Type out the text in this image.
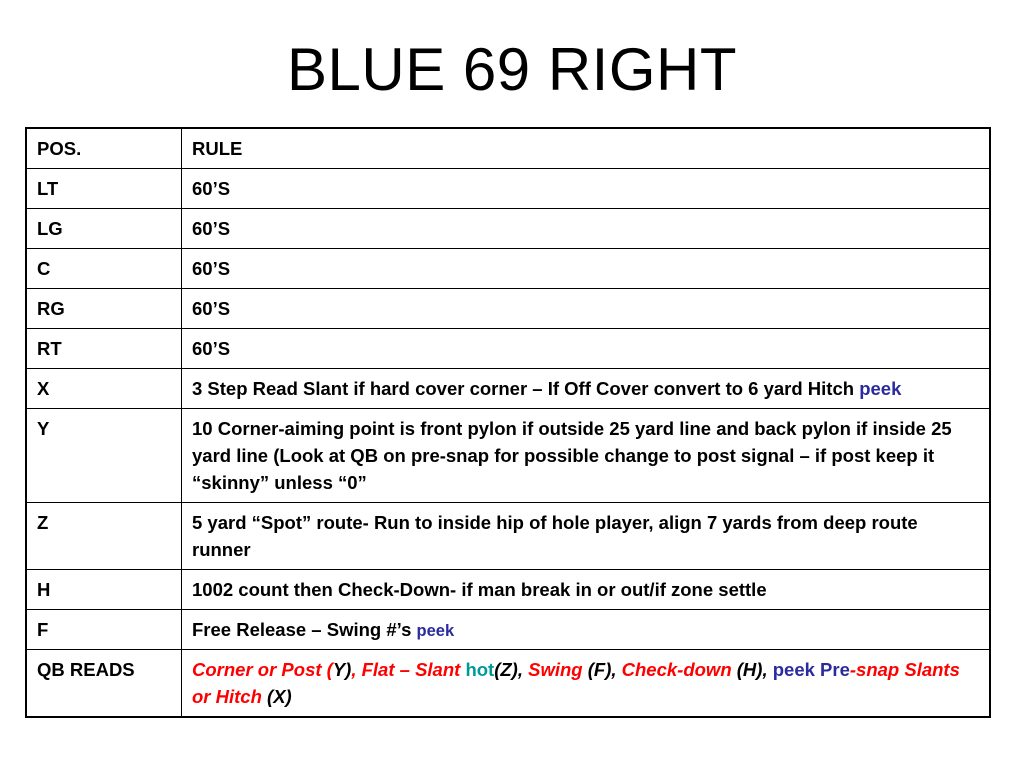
BLUE 69 RIGHT
POS.	RULE
LT	60’S
LG	60’S
C	60’S
RG	60’S
RT	60’S
X	3 Step Read Slant if hard cover corner – If Off Cover convert to 6 yard Hitch peek
Y	10 Corner-aiming point is front pylon if outside 25 yard line and back pylon if inside 25 yard line (Look at QB on pre-snap for possible change to post signal – if post keep it “skinny” unless “0”
Z	5 yard “Spot” route- Run to inside hip of hole player, align 7 yards from deep route runner
H	1002 count then Check-Down- if man break in or out/if zone settle
F	Free Release – Swing #’s peek
QB READS	Corner or Post (Y), Flat – Slant hot(Z), Swing (F), Check-down (H), peek Pre-snap Slants or Hitch (X)
